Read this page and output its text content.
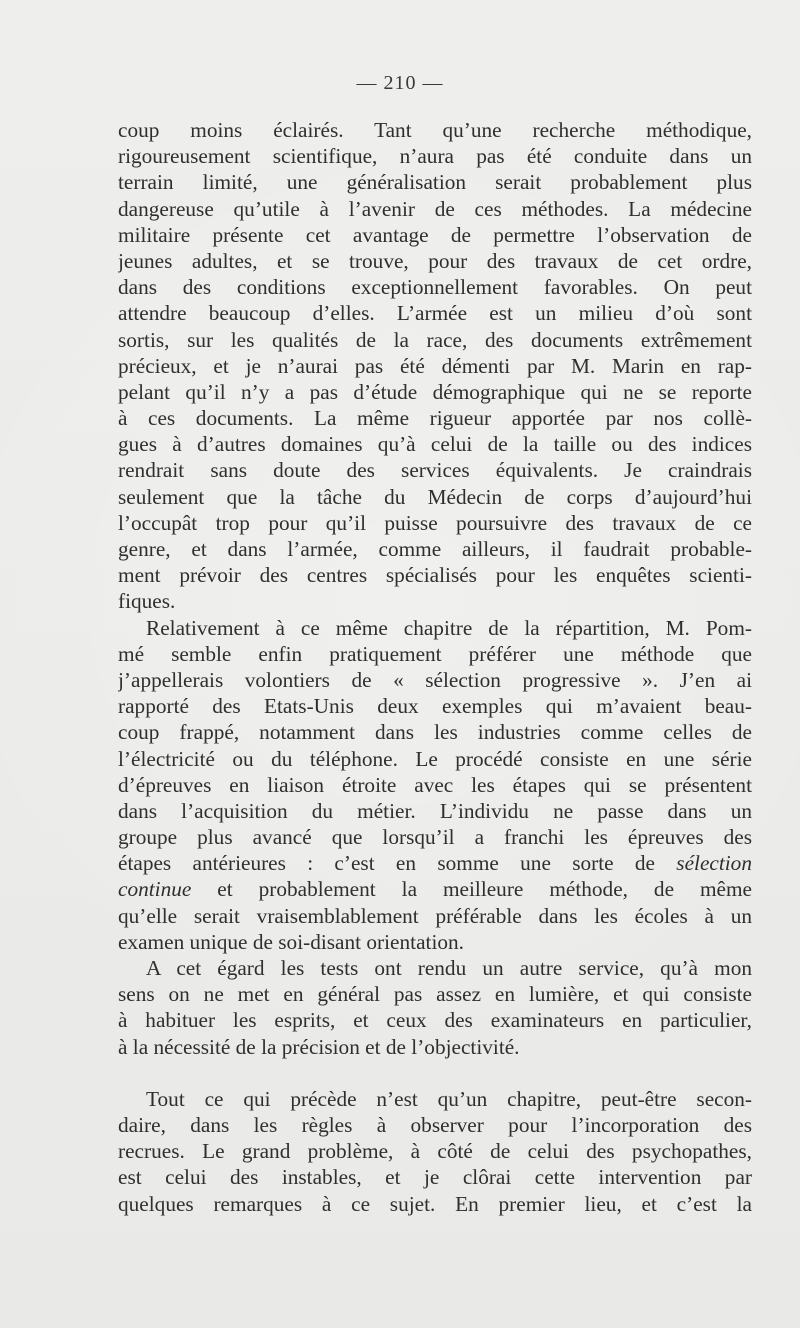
— 210 —
coup moins éclairés. Tant qu’une recherche méthodique,
rigoureusement scientifique, n’aura pas été conduite dans un
terrain limité, une généralisation serait probablement plus
dangereuse qu’utile à l’avenir de ces méthodes. La médecine
militaire présente cet avantage de permettre l’observation de
jeunes adultes, et se trouve, pour des travaux de cet ordre,
dans des conditions exceptionnellement favorables. On peut
attendre beaucoup d’elles. L’armée est un milieu d’où sont
sortis, sur les qualités de la race, des documents extrêmement
précieux, et je n’aurai pas été démenti par M. Marin en rap-
pelant qu’il n’y a pas d’étude démographique qui ne se reporte
à ces documents. La même rigueur apportée par nos collè-
gues à d’autres domaines qu’à celui de la taille ou des indices
rendrait sans doute des services équivalents. Je craindrais
seulement que la tâche du Médecin de corps d’aujourd’hui
l’occupât trop pour qu’il puisse poursuivre des travaux de ce
genre, et dans l’armée, comme ailleurs, il faudrait probable-
ment prévoir des centres spécialisés pour les enquêtes scienti-
fiques.
Relativement à ce même chapitre de la répartition, M. Pom-
mé semble enfin pratiquement préférer une méthode que
j’appellerais volontiers de « sélection progressive ». J’en ai
rapporté des Etats-Unis deux exemples qui m’avaient beau-
coup frappé, notamment dans les industries comme celles de
l’électricité ou du téléphone. Le procédé consiste en une série
d’épreuves en liaison étroite avec les étapes qui se présentent
dans l’acquisition du métier. L’individu ne passe dans un
groupe plus avancé que lorsqu’il a franchi les épreuves des
étapes antérieures : c’est en somme une sorte de sélection
continue et probablement la meilleure méthode, de même
qu’elle serait vraisemblablement préférable dans les écoles à un
examen unique de soi-disant orientation.
A cet égard les tests ont rendu un autre service, qu’à mon
sens on ne met en général pas assez en lumière, et qui consiste
à habituer les esprits, et ceux des examinateurs en particulier,
à la nécessité de la précision et de l’objectivité.
Tout ce qui précède n’est qu’un chapitre, peut-être secon-
daire, dans les règles à observer pour l’incorporation des
recrues. Le grand problème, à côté de celui des psychopathes,
est celui des instables, et je clôrai cette intervention par
quelques remarques à ce sujet. En premier lieu, et c’est la
